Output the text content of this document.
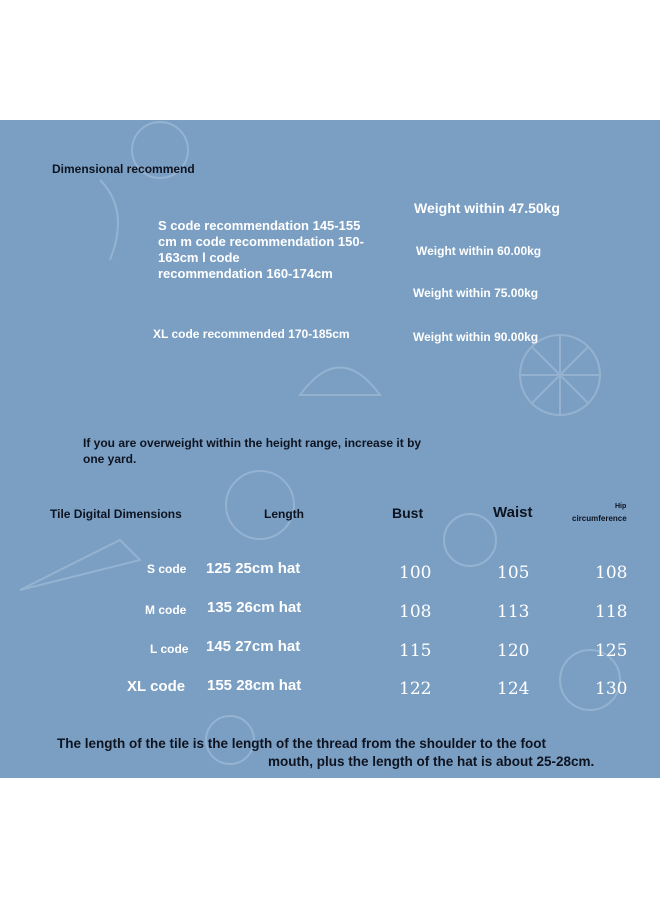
Dimensional recommend
S code recommendation 145-155
cm m code recommendation 150-
163cm l code
recommendation 160-174cm
XL code recommended 170-185cm
Weight within 47.50kg
Weight within 60.00kg
Weight within 75.00kg
Weight within 90.00kg
If you are overweight within the height range, increase it by
one yard.
Tile Digital Dimensions	Length	Bust	Waist	Hip
circumference
S code 125 25cm hat	100	105	108
M code 135 26cm hat	108	113	118
L code 145 27cm hat	115	120	125
XL code 155 28cm hat	122	124	130
The length of the tile is the length of the thread from the shoulder to the foot
mouth, plus the length of the hat is about 25-28cm.
